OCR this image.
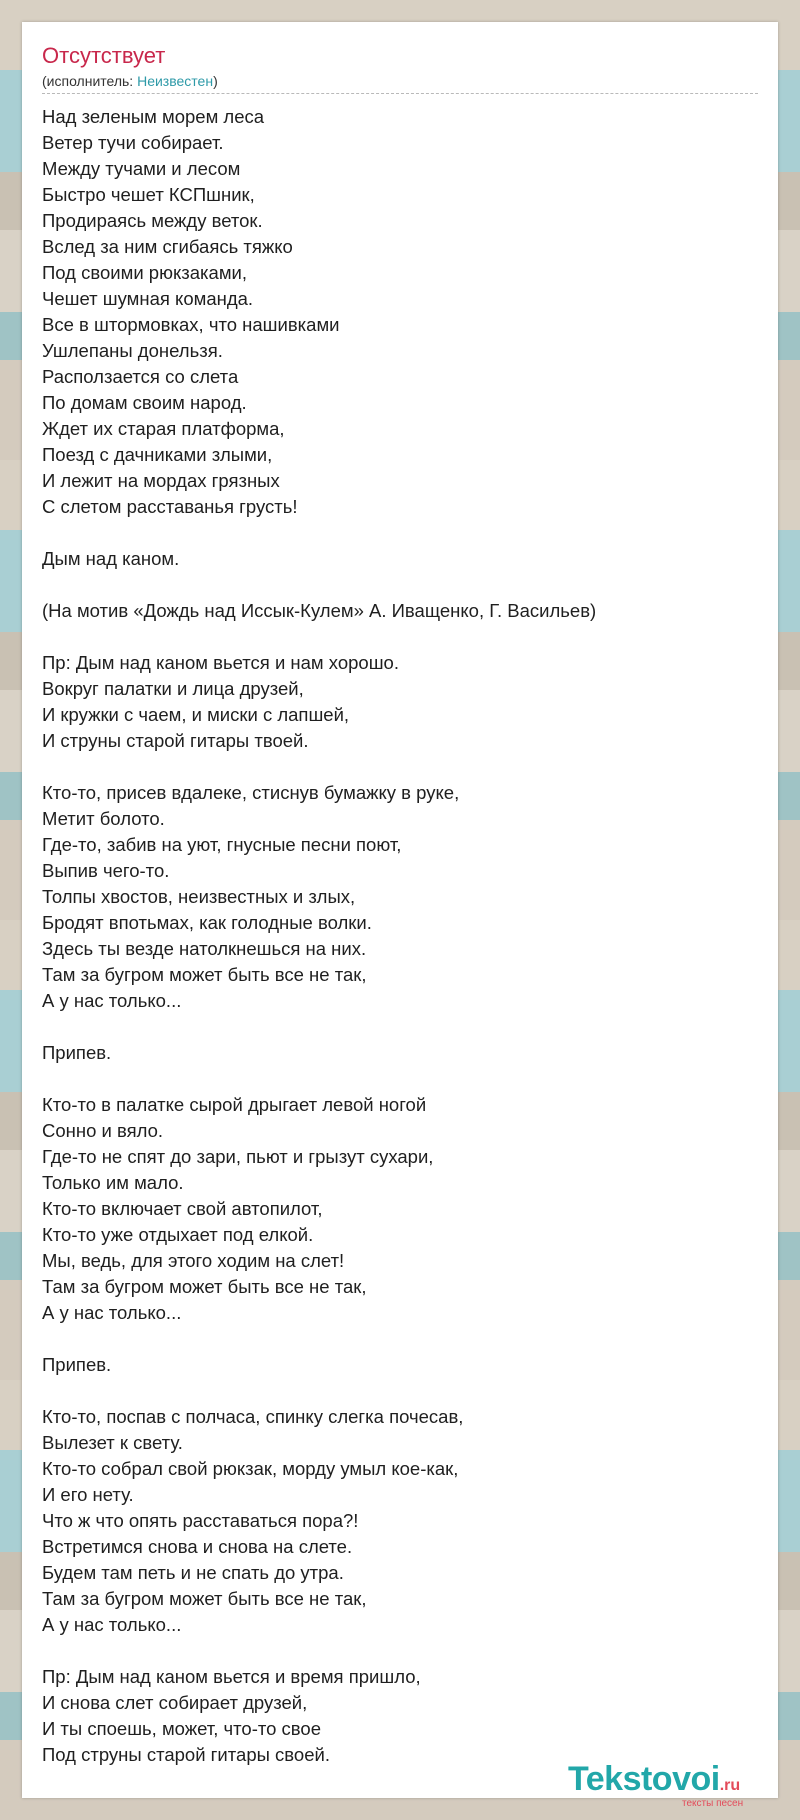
Отсутствует
(исполнитель: Неизвестен)
Над зеленым морем леса
Ветер тучи собирает.
Между тучами и лесом
Быстро чешет КСПшник,
Продираясь между веток.
Вслед за ним сгибаясь тяжко
Под своими рюкзаками,
Чешет шумная команда.
Все в штормовках, что нашивками
Ушлепаны донельзя.
Расползается со слета
По домам своим народ.
Ждет их старая платформа,
Поезд с дачниками злыми,
И лежит на мордах грязных
С слетом расставанья грусть!
Дым над каном.
(На мотив «Дождь над Иссык-Кулем» А. Иващенко, Г. Васильев)
Пр: Дым над каном вьется и нам хорошо.
Вокруг палатки и лица друзей,
И кружки с чаем, и миски с лапшей,
И струны старой гитары твоей.
Кто-то, присев вдалеке, стиснув бумажку в руке,
Метит болото.
Где-то, забив на уют, гнусные песни поют,
Выпив чего-то.
Толпы хвостов, неизвестных и злых,
Бродят впотьмах, как голодные волки.
Здесь ты везде натолкнешься на них.
Там за бугром может быть все не так,
А у нас только...
Припев.
Кто-то в палатке сырой дрыгает левой ногой
Сонно и вяло.
Где-то не спят до зари, пьют и грызут сухари,
Только им мало.
Кто-то включает свой автопилот,
Кто-то уже отдыхает под елкой.
Мы, ведь, для этого ходим на слет!
Там за бугром может быть все не так,
А у нас только...
Припев.
Кто-то, поспав с полчаса, спинку слегка почесав,
Вылезет к свету.
Кто-то собрал свой рюкзак, морду умыл кое-как,
И его нету.
Что ж что опять расставаться пора?!
Встретимся снова и снова на слете.
Будем там петь и не спать до утра.
Там за бугром может быть все не так,
А у нас только...
Пр: Дым над каном вьется и время пришло,
И снова слет собирает друзей,
И ты споешь, может, что-то свое
Под струны старой гитары своей.
Tekstovoi.ru
тексты песен
